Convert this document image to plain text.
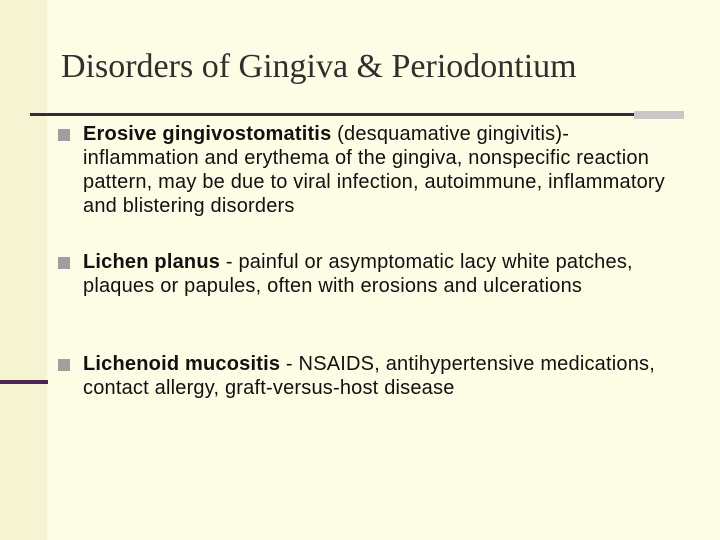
Disorders of Gingiva & Periodontium
Erosive gingivostomatitis (desquamative gingivitis)- inflammation and erythema of the gingiva, nonspecific reaction pattern, may be due to viral infection, autoimmune, inflammatory and blistering disorders
Lichen planus - painful or asymptomatic lacy white patches, plaques or papules, often with erosions and ulcerations
Lichenoid mucositis - NSAIDS, antihypertensive medications, contact allergy, graft-versus-host disease
